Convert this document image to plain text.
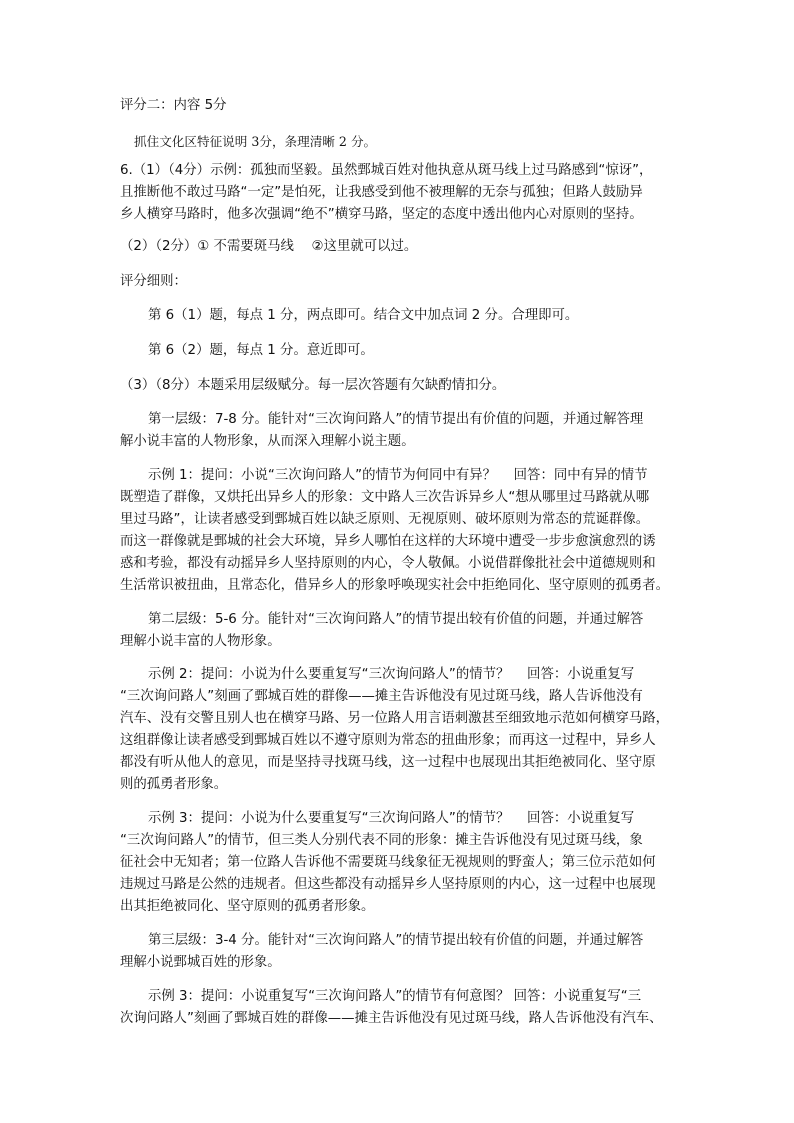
评分二：内容 5分

抓住文化区特征说明 3分，条理清晰 2 分。

6.（1）（4分）示例：孤独而坚毅。虽然鄄城百姓对他执意从斑马线上过马路感到“惊讶”，
且推断他不敢过马路“一定”是怕死，让我感受到他不被理解的无奈与孤独；但路人鼓励异
乡人横穿马路时，他多次强调“绝不”横穿马路，坚定的态度中透出他内心对原则的坚持。

（2）（2分）① 不需要斑马线　 ②这里就可以过。

评分细则：

第 6（1）题，每点 1 分，两点即可。结合文中加点词 2 分。合理即可。

第 6（2）题，每点 1 分。意近即可。

（3）（8分）本题采用层级赋分。每一层次答题有欠缺酌情扣分。

第一层级：7-8 分。能针对“三次询问路人”的情节提出有价值的问题，并通过解答理
解小说丰富的人物形象，从而深入理解小说主题。

示例 1：提问：小说“三次询问路人”的情节为何同中有异？　 回答：同中有异的情节
既塑造了群像，又烘托出异乡人的形象：文中路人三次告诉异乡人“想从哪里过马路就从哪
里过马路”，让读者感受到鄄城百姓以缺乏原则、无视原则、破坏原则为常态的荒诞群像。
而这一群像就是鄄城的社会大环境，异乡人哪怕在这样的大环境中遭受一步步愈演愈烈的诱
惑和考验，都没有动摇异乡人坚持原则的内心，令人敬佩。小说借群像批社会中道德规则和
生活常识被扭曲，且常态化，借异乡人的形象呼唤现实社会中拒绝同化、坚守原则的孤勇者。

第二层级：5-6 分。能针对“三次询问路人”的情节提出较有价值的问题，并通过解答
理解小说丰富的人物形象。

示例 2：提问：小说为什么要重复写“三次询问路人”的情节？　 回答：小说重复写
“三次询问路人”刻画了鄄城百姓的群像——摊主告诉他没有见过斑马线，路人告诉他没有
汽车、没有交警且别人也在横穿马路、另一位路人用言语刺激甚至细致地示范如何横穿马路，
这组群像让读者感受到鄄城百姓以不遵守原则为常态的扭曲形象；而再这一过程中，异乡人
都没有听从他人的意见，而是坚持寻找斑马线，这一过程中也展现出其拒绝被同化、坚守原
则的孤勇者形象。

示例 3：提问：小说为什么要重复写“三次询问路人”的情节？　 回答：小说重复写
“三次询问路人”的情节，但三类人分别代表不同的形象：摊主告诉他没有见过斑马线，象
征社会中无知者；第一位路人告诉他不需要斑马线象征无视规则的野蛮人；第三位示范如何
违规过马路是公然的违规者。但这些都没有动摇异乡人坚持原则的内心，这一过程中也展现
出其拒绝被同化、坚守原则的孤勇者形象。

第三层级：3-4 分。能针对“三次询问路人”的情节提出较有价值的问题，并通过解答
理解小说鄄城百姓的形象。

示例 3：提问：小说重复写“三次询问路人”的情节有何意图？ 回答：小说重复写“三
次询问路人”刻画了鄄城百姓的群像——摊主告诉他没有见过斑马线，路人告诉他没有汽车、
